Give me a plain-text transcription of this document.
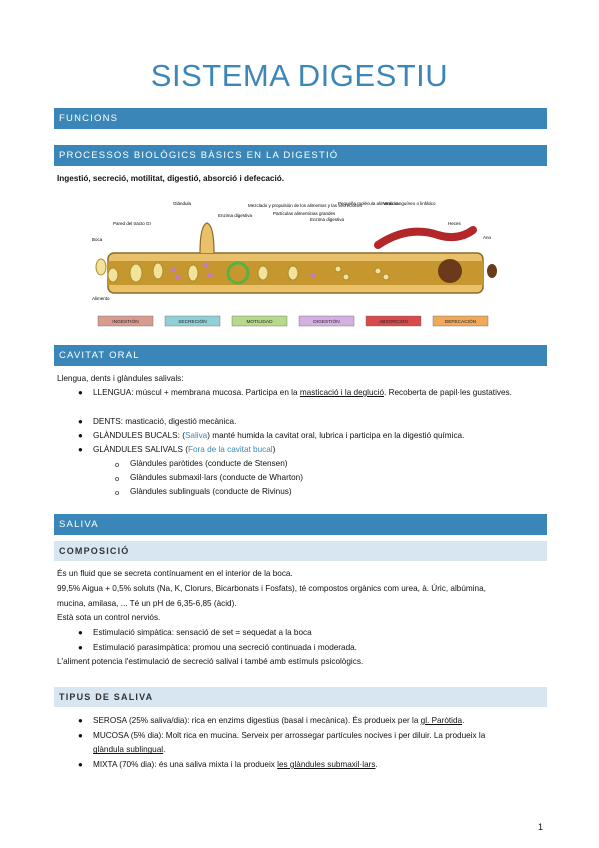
SISTEMA DIGESTIU
FUNCIONS
PROCESSOS BIOLÒGICS BÀSICS EN LA DIGESTIÓ
Ingestió, secreció, motilitat, digestió, absorció i defecació.
Boca
Alimento
Pared del tracto GI
Glándula
Enzima digestiva
Mezclado y propulsión de los alimentos y las secreciones
Partículas alimenticias grandes
Enzima digestiva
Pequeña molécula alimenticia
Vaso sanguíneo o linfático
Heces
Ano
INGESTIÓN	SECRECIÓN	MOTILIDAD	DIGESTIÓN	ABSORCIÓN	DEFECACIÓN
CAVITAT ORAL
Llengua, dents i glàndules salivals:
● LLENGUA: múscul + membrana mucosa. Participa en la masticació i la deglució. Recoberta de papil·les gustatives.
● DENTS: masticació, digestió mecànica.
● GLÀNDULES BUCALS: (Saliva) manté humida la cavitat oral, lubrica i participa en la digestió química.
● GLÀNDULES SALIVALS (Fora de la cavitat bucal)
o Glàndules paròtides (conducte de Stensen)
o Glàndules submaxil·lars (conducte de Wharton)
o Glàndules sublinguals (conducte de Rivinus)
SALIVA
COMPOSICIÓ
És un fluid que se secreta contínuament en el interior de la boca.
99,5% Aigua + 0,5% soluts (Na, K, Clorurs, Bicarbonats i Fosfats), té compostos orgànics com urea, à. Úric, albúmina,
mucina, amilasa, ... Té un pH de 6,35-6,85 (àcid).
Està sota un control nerviós.
● Estimulació simpàtica: sensació de set = sequedat a la boca
● Estimulació parasimpàtica: promou una secreció continuada i moderada.
L'aliment potencia l'estimulació de secreció salival i també amb estímuls psicològics.
TIPUS DE SALIVA
● SEROSA (25% saliva/dia): rica en enzims digestius (basal i mecànica). És produeix per la gl. Paròtida.
● MUCOSA (5% dia): Molt rica en mucina. Serveix per arrossegar partícules nocives i per diluir. La produeix la
glàndula sublingual.
● MIXTA (70% dia): és una saliva mixta i la produeix les glàndules submaxil·lars.
1
